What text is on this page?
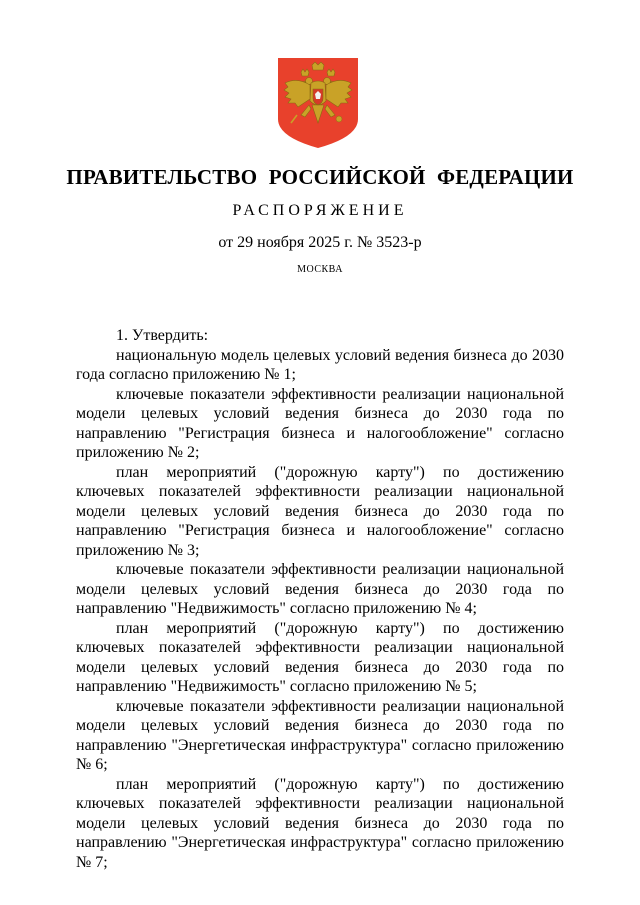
ПРАВИТЕЛЬСТВО РОССИЙСКОЙ ФЕДЕРАЦИИ
РАСПОРЯЖЕНИЕ
от 29 ноября 2025 г. № 3523-р
МОСКВА

1. Утвердить:

национальную модель целевых условий ведения бизнеса до 2030 года согласно приложению № 1;

ключевые показатели эффективности реализации национальной модели целевых условий ведения бизнеса до 2030 года по направлению "Регистрация бизнеса и налогообложение" согласно приложению № 2;

план мероприятий ("дорожную карту") по достижению ключевых показателей эффективности реализации национальной модели целевых условий ведения бизнеса до 2030 года по направлению "Регистрация бизнеса и налогообложение" согласно приложению № 3;

ключевые показатели эффективности реализации национальной модели целевых условий ведения бизнеса до 2030 года по направлению "Недвижимость" согласно приложению № 4;

план мероприятий ("дорожную карту") по достижению ключевых показателей эффективности реализации национальной модели целевых условий ведения бизнеса до 2030 года по направлению "Недвижимость" согласно приложению № 5;

ключевые показатели эффективности реализации национальной модели целевых условий ведения бизнеса до 2030 года по направлению "Энергетическая инфраструктура" согласно приложению № 6;

план мероприятий ("дорожную карту") по достижению ключевых показателей эффективности реализации национальной модели целевых условий ведения бизнеса до 2030 года по направлению "Энергетическая инфраструктура" согласно приложению № 7;
